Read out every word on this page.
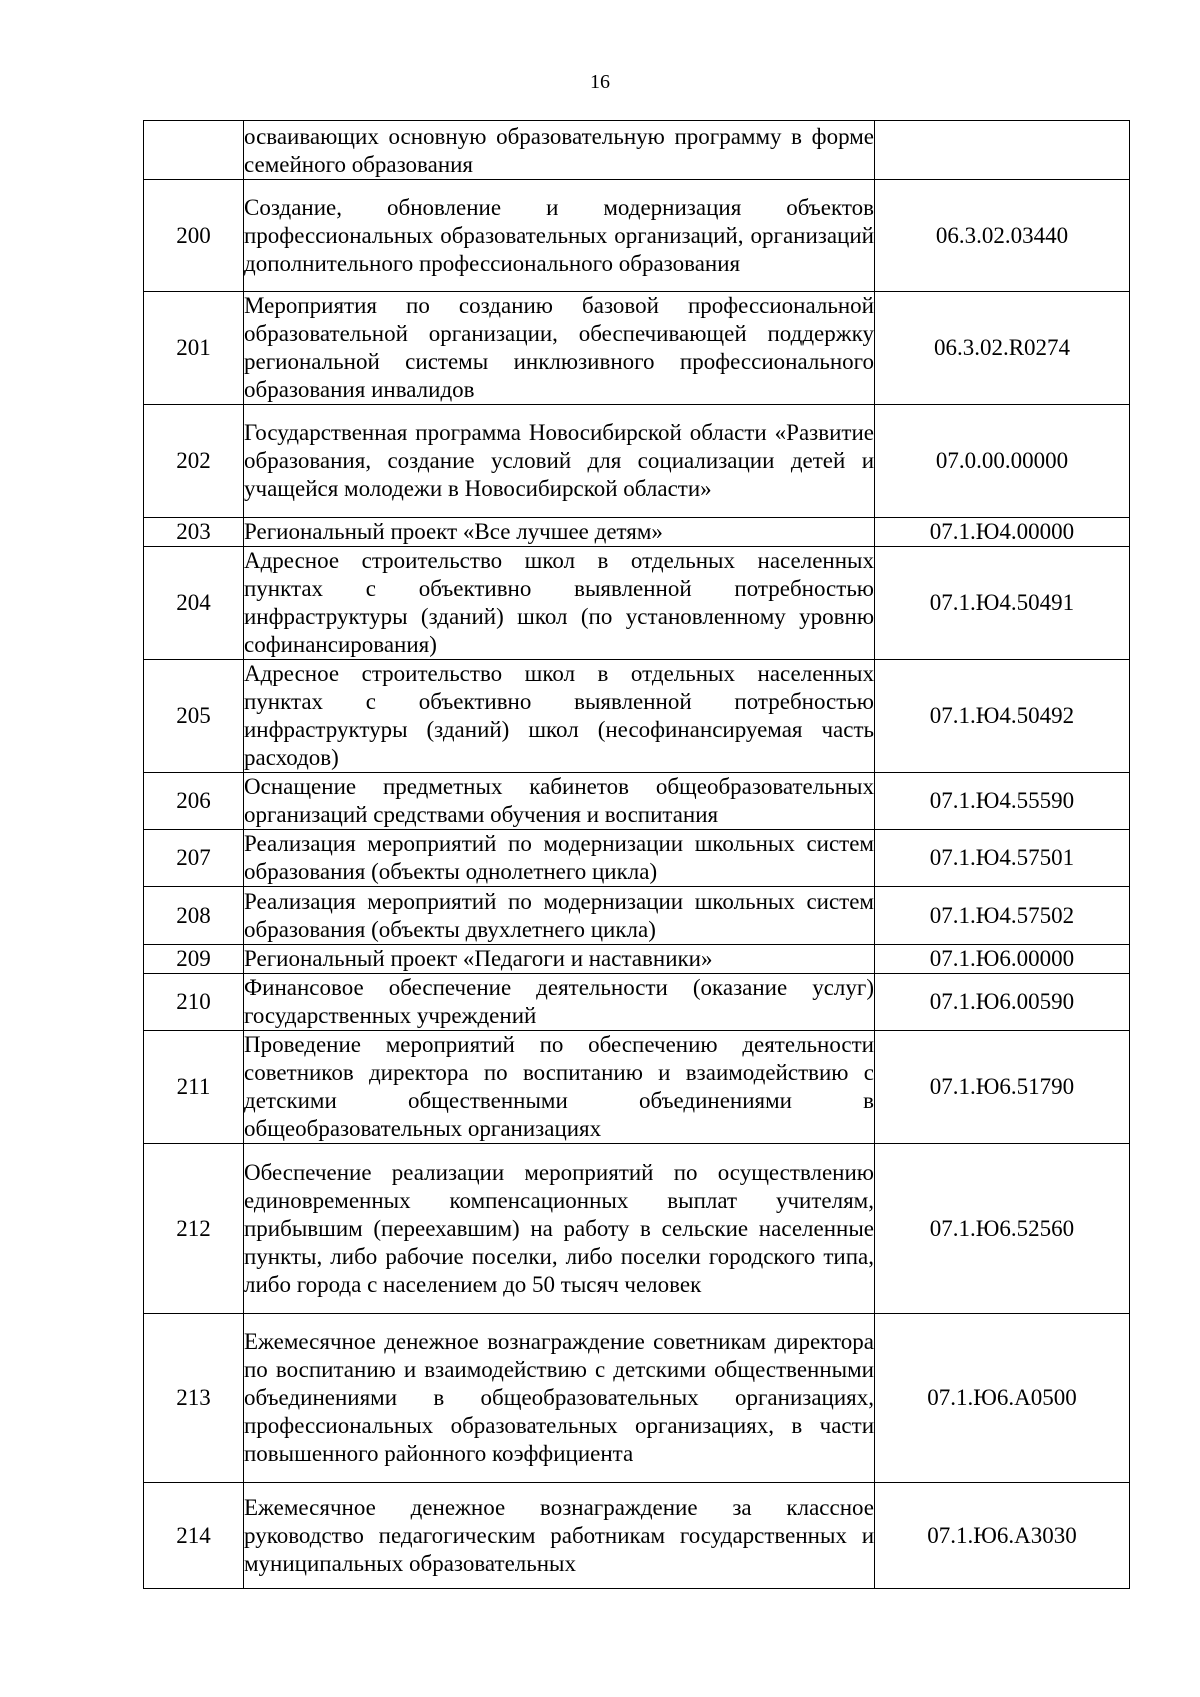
16

	осваивающих основную образовательную программу в форме семейного образования	

200	Создание, обновление и модернизация объектов профессиональных образовательных организаций, организаций дополнительного профессионального образования	06.3.02.03440
201	Мероприятия по созданию базовой профессиональной образовательной организации, обеспечивающей поддержку региональной системы инклюзивного профессионального образования инвалидов	06.3.02.R0274
202	Государственная программа Новосибирской области «Развитие образования, создание условий для социализации детей и учащейся молодежи в Новосибирской области»	07.0.00.00000
203	Региональный проект «Все лучшее детям»	07.1.Ю4.00000
204	Адресное строительство школ в отдельных населенных пунктах с объективно выявленной потребностью инфраструктуры (зданий) школ (по установленному уровню софинансирования)	07.1.Ю4.50491
205	Адресное строительство школ в отдельных населенных пунктах с объективно выявленной потребностью инфраструктуры (зданий) школ (несофинансируемая часть расходов)	07.1.Ю4.50492
206	Оснащение предметных кабинетов общеобразовательных организаций средствами обучения и воспитания	07.1.Ю4.55590
207	Реализация мероприятий по модернизации школьных систем образования (объекты однолетнего цикла)	07.1.Ю4.57501
208	Реализация мероприятий по модернизации школьных систем образования (объекты двухлетнего цикла)	07.1.Ю4.57502
209	Региональный проект «Педагоги и наставники»	07.1.Ю6.00000
210	Финансовое обеспечение деятельности (оказание услуг) государственных учреждений	07.1.Ю6.00590
211	Проведение мероприятий по обеспечению деятельности советников директора по воспитанию и взаимодействию с детскими общественными объединениями в общеобразовательных организациях	07.1.Ю6.51790
212	Обеспечение реализации мероприятий по осуществлению единовременных компенсационных выплат учителям, прибывшим (переехавшим) на работу в сельские населенные пункты, либо рабочие поселки, либо поселки городского типа, либо города с населением до 50 тысяч человек	07.1.Ю6.52560
213	Ежемесячное денежное вознаграждение советникам директора по воспитанию и взаимодействию с детскими общественными объединениями в общеобразовательных организациях, профессиональных образовательных организациях, в части повышенного районного коэффициента	07.1.Ю6.А0500
214	Ежемесячное денежное вознаграждение за классное руководство педагогическим работникам государственных и муниципальных образовательных	07.1.Ю6.А3030
